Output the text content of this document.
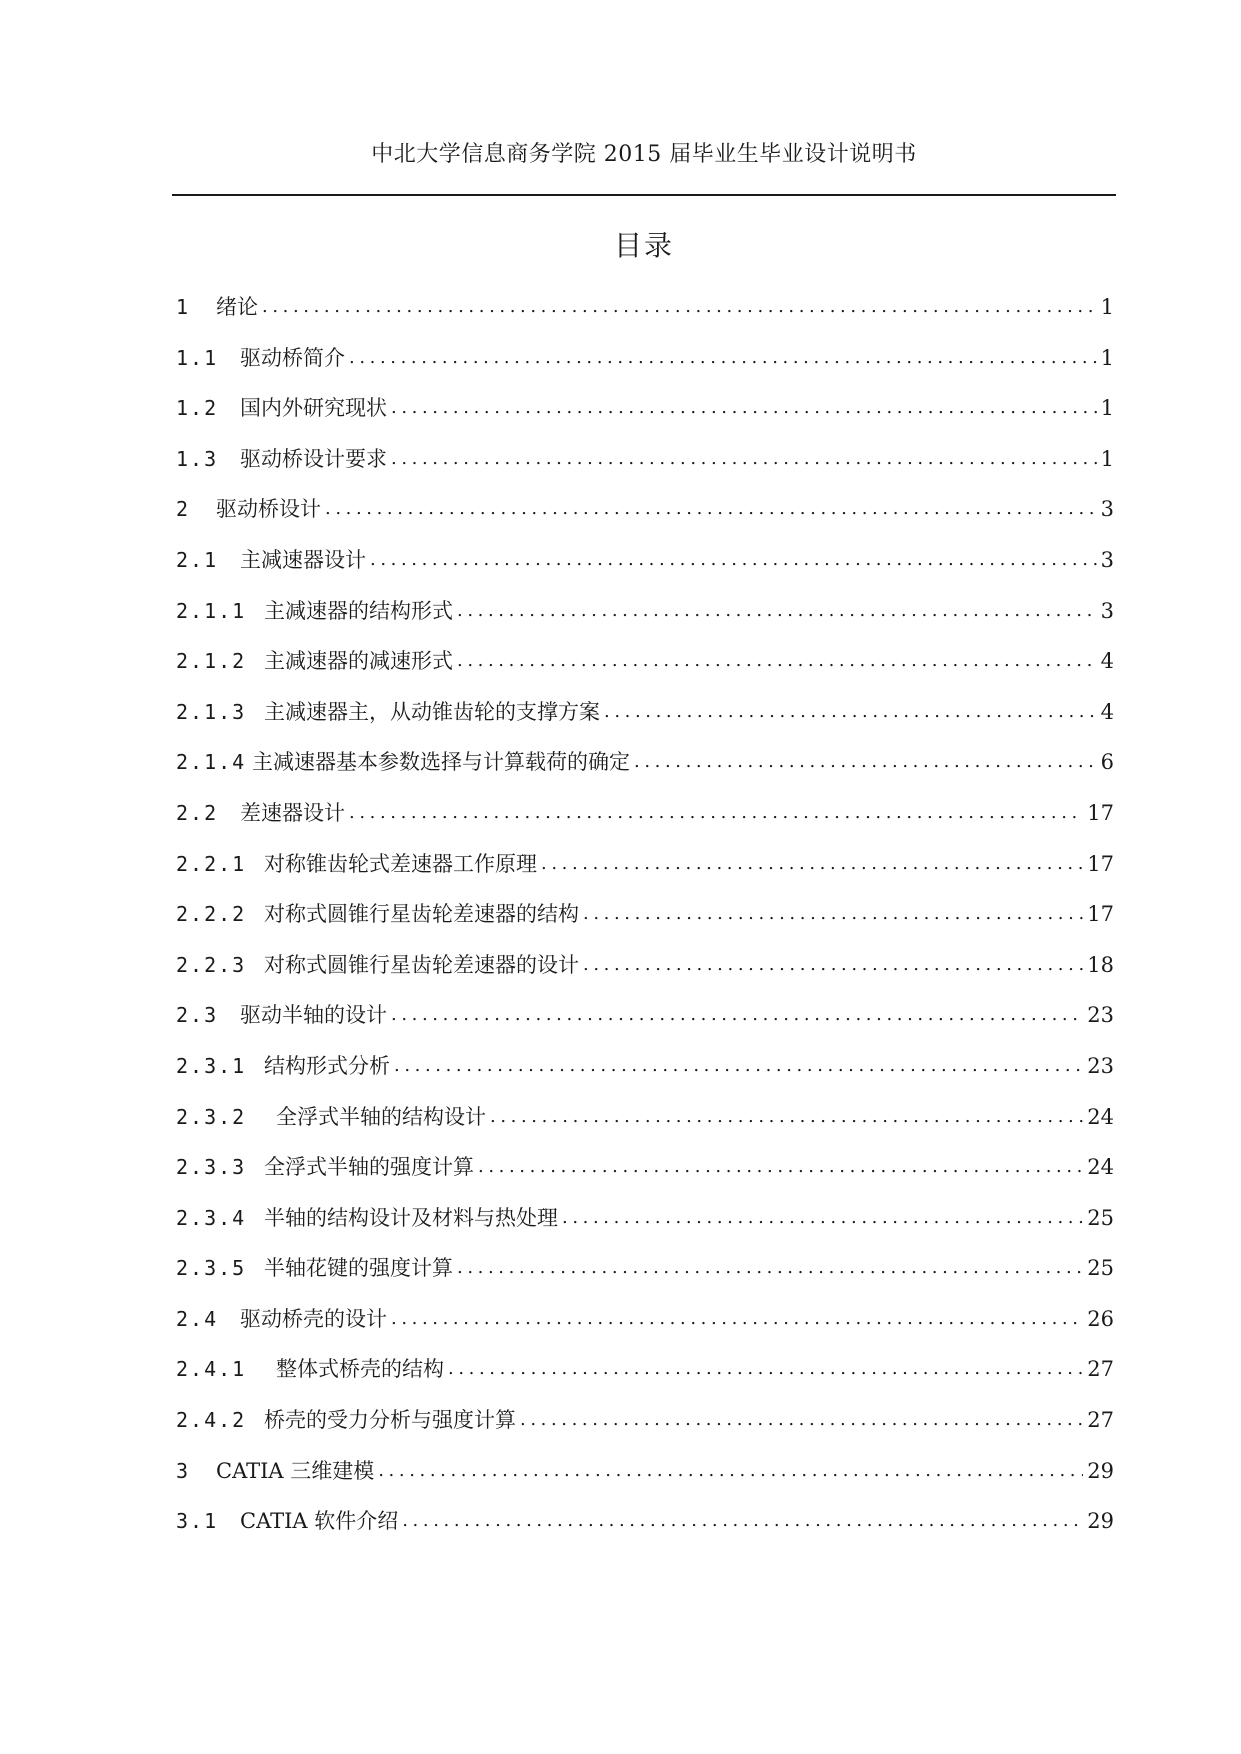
中北大学信息商务学院 2015 届毕业生毕业设计说明书
目录
1	绪论 .....	1
1.1	驱动桥简介 .....	1
1.2	国内外研究现状 .....	1
1.3	驱动桥设计要求 .....	1
2	驱动桥设计 .....	3
2.1	主减速器设计 .....	3
2.1.1 主减速器的结构形式 .....	3
2.1.2 主减速器的减速形式 .....	4
2.1.3 主减速器主，从动锥齿轮的支撑方案 .....	4
2.1.4 主减速器基本参数选择与计算载荷的确定 .....	6
2.2	差速器设计 .....	17
2.2.1 对称锥齿轮式差速器工作原理 .....	17
2.2.2 对称式圆锥行星齿轮差速器的结构 .....	17
2.2.3 对称式圆锥行星齿轮差速器的设计 .....	18
2.3	驱动半轴的设计 .....	23
2.3.1 结构形式分析 .....	23
2.3.2	全浮式半轴的结构设计 .....	24
2.3.3 全浮式半轴的强度计算 .....	24
2.3.4 半轴的结构设计及材料与热处理 .....	25
2.3.5 半轴花键的强度计算 .....	25
2.4	驱动桥壳的设计 .....	26
2.4.1	整体式桥壳的结构 .....	27
2.4.2 桥壳的受力分析与强度计算 .....	27
3	CATIA 三维建模 .....	29
3.1	CATIA 软件介绍 .....	29
